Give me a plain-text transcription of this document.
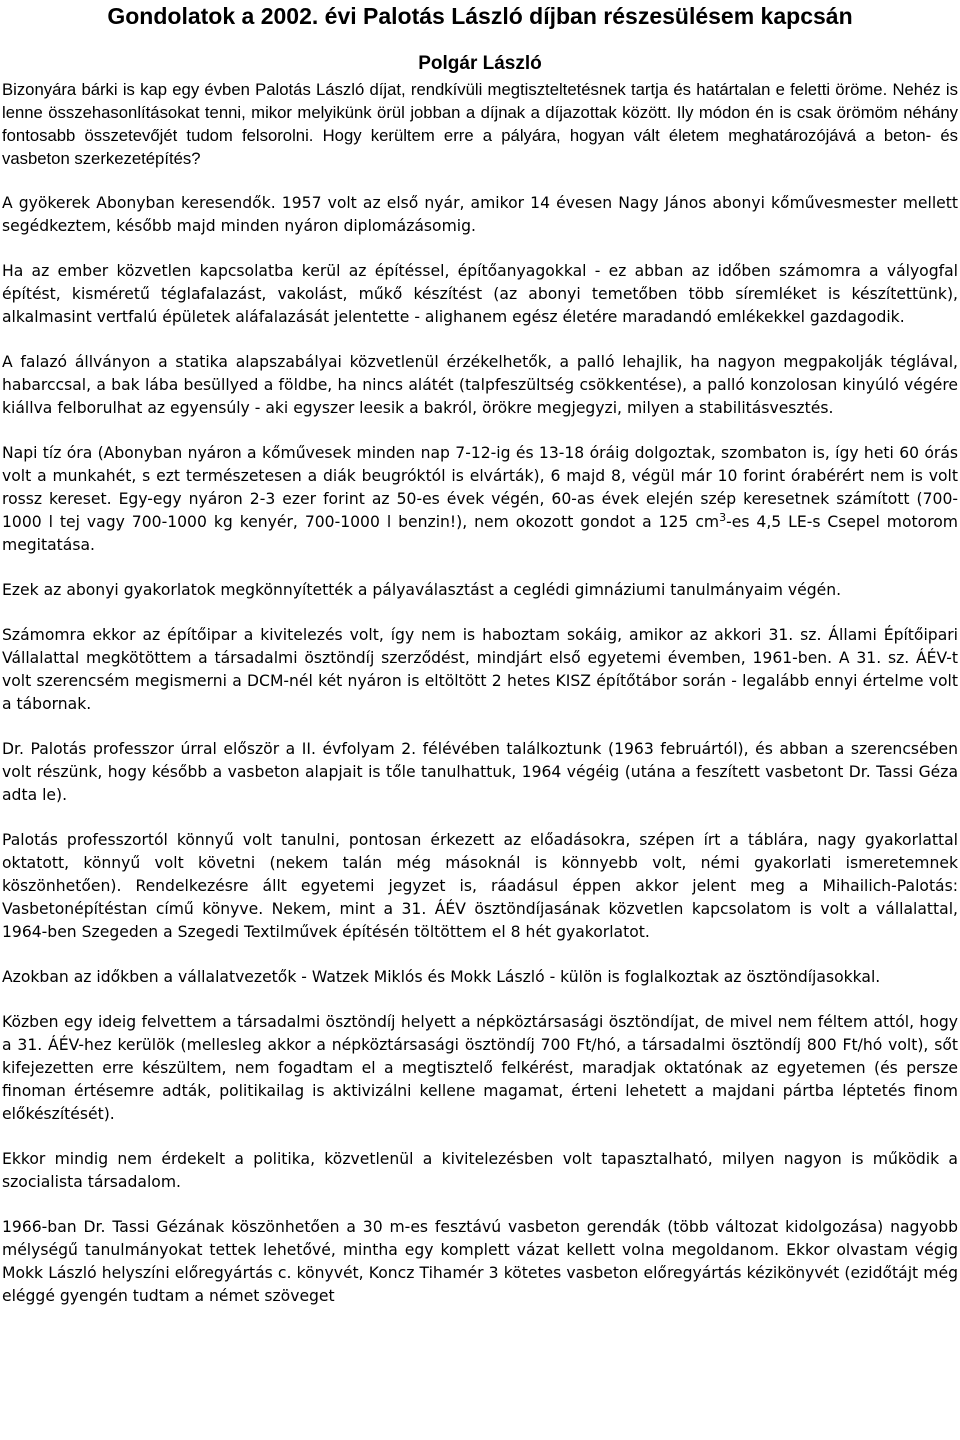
Gondolatok a 2002. évi Palotás László díjban részesülésem kapcsán
Polgár László

Bizonyára bárki is kap egy évben Palotás László díjat, rendkívüli megtiszteltetésnek tartja és határtalan e feletti öröme. Nehéz is lenne összehasonlításokat tenni, mikor melyikünk örül jobban a díjnak a díjazottak között. Ily módon én is csak örömöm néhány fontosabb összetevőjét tudom felsorolni. Hogy kerültem erre a pályára, hogyan vált életem meghatározójává a beton- és vasbeton szerkezetépítés?

A gyökerek Abonyban keresendők. 1957 volt az első nyár, amikor 14 évesen Nagy János abonyi kőművesmester mellett segédkeztem, később majd minden nyáron diplomázásomig.

Ha az ember közvetlen kapcsolatba kerül az építéssel, építőanyagokkal - ez abban az időben számomra a vályogfal építést, kisméretű téglafalazást, vakolást, műkő készítést (az abonyi temetőben több síremléket is készítettünk), alkalmasint vertfalú épületek aláfalazását jelentette - alighanem egész életére maradandó emlékekkel gazdagodik.

A falazó állványon a statika alapszabályai közvetlenül érzékelhetők, a palló lehajlik, ha nagyon megpakolják téglával, habarccsal, a bak lába besüllyed a földbe, ha nincs alátét (talpfeszültség csökkentése), a palló konzolosan kinyúló végére kiállva felborulhat az egyensúly - aki egyszer leesik a bakról, örökre megjegyzi, milyen a stabilitásvesztés.

Napi tíz óra (Abonyban nyáron a kőművesek minden nap 7-12-ig és 13-18 óráig dolgoztak, szombaton is, így heti 60 órás volt a munkahét, s ezt természetesen a diák beugróktól is elvárták), 6 majd 8, végül már 10 forint órabérért nem is volt rossz kereset. Egy-egy nyáron 2-3 ezer forint az 50-es évek végén, 60-as évek elején szép keresetnek számított (700-1000 l tej vagy 700-1000 kg kenyér, 700-1000 l benzin!), nem okozott gondot a 125 $cm^3-es$ 4,5 LE-s Csepel motorom megitatása.

Ezek az abonyi gyakorlatok megkönnyítették a pályaválasztást a ceglédi gimnáziumi tanulmányaim végén.

Számomra ekkor az építőipar a kivitelezés volt, így nem is haboztam sokáig, amikor az akkori 31. sz. Állami Építőipari Vállalattal megkötöttem a társadalmi ösztöndíj szerződést, mindjárt első egyetemi évemben, 1961-ben. A 31. sz. ÁÉV-t volt szerencsém megismerni a DCM-nél két nyáron is eltöltött 2 hetes KISZ építőtábor során - legalább ennyi értelme volt a tábornak.

Dr. Palotás professzor úrral először a II. évfolyam 2. félévében találkoztunk (1963 februártól), és abban a szerencsében volt részünk, hogy később a vasbeton alapjait is tőle tanulhattuk, 1964 végéig (utána a feszített vasbetont Dr. Tassi Géza adta le).

Palotás professzortól könnyű volt tanulni, pontosan érkezett az előadásokra, szépen írt a táblára, nagy gyakorlattal oktatott, könnyű volt követni (nekem talán még másoknál is könnyebb volt, némi gyakorlati ismeretemnek köszönhetően). Rendelkezésre állt egyetemi jegyzet is, ráadásul éppen akkor jelent meg a Mihailich-Palotás: Vasbetonépítéstan című könyve. Nekem, mint a 31. ÁÉV ösztöndíjasának közvetlen kapcsolatom is volt a vállalattal, 1964-ben Szegeden a Szegedi Textilművek építésén töltöttem el 8 hét gyakorlatot.

Azokban az időkben a vállalatvezetők - Watzek Miklós és Mokk László - külön is foglalkoztak az ösztöndíjasokkal.

Közben egy ideig felvettem a társadalmi ösztöndíj helyett a népköztársasági ösztöndíjat, de mivel nem féltem attól, hogy a 31. ÁÉV-hez kerülök (mellesleg akkor a népköztársasági ösztöndíj 700 Ft/hó, a társadalmi ösztöndíj 800 Ft/hó volt), sőt kifejezetten erre készültem, nem fogadtam el a megtisztelő felkérést, maradjak oktatónak az egyetemen (és persze finoman értésemre adták, politikailag is aktivizálni kellene magamat, érteni lehetett a majdani pártba léptetés finom előkészítését).

Ekkor mindig nem érdekelt a politika, közvetlenül a kivitelezésben volt tapasztalható, milyen nagyon is működik a szocialista társadalom.

1966-ban Dr. Tassi Gézának köszönhetően a 30 m-es fesztávú vasbeton gerendák (több változat kidolgozása) nagyobb mélységű tanulmányokat tettek lehetővé, mintha egy komplett vázat kellett volna megoldanom. Ekkor olvastam végig Mokk László helyszíni előregyártás c. könyvét, Koncz Tihamér 3 kötetes vasbeton előregyártás kézikönyvét (ezidőtájt még eléggé gyengén tudtam a német szöveget
